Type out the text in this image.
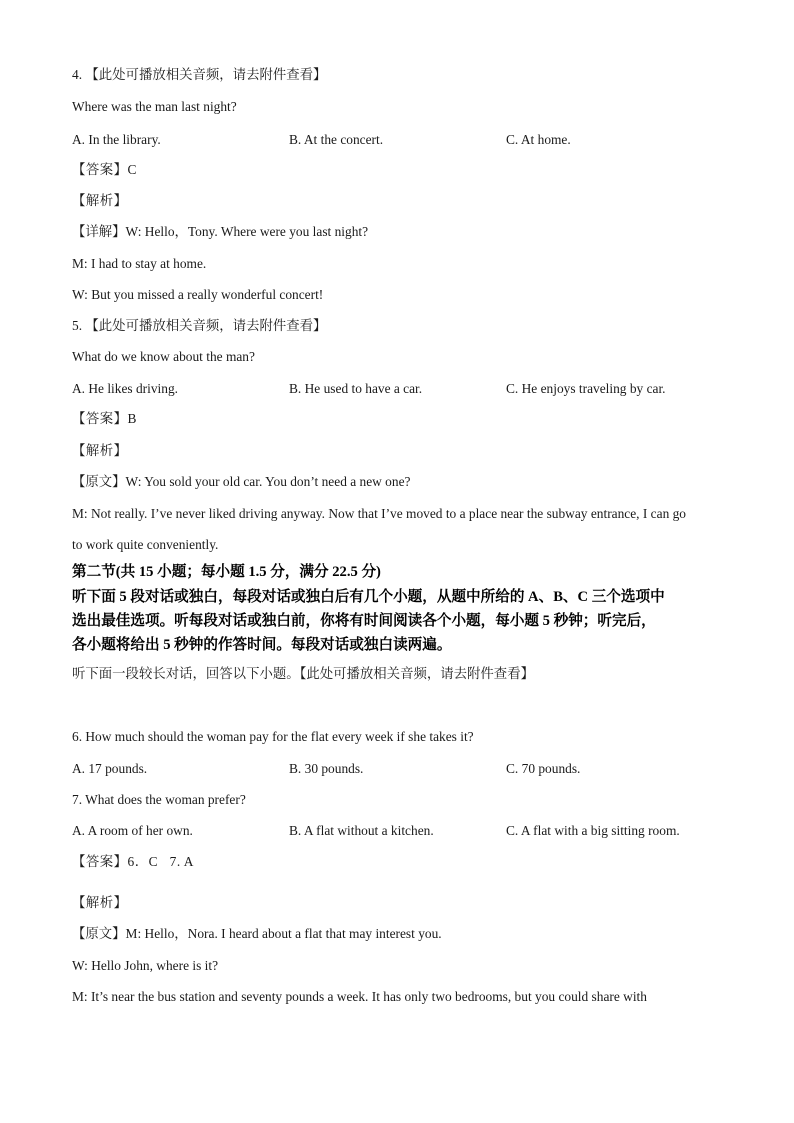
4. 【此处可播放相关音频，请去附件查看】
Where was the man last night?
A. In the library.	B. At the concert.	C. At home.
【答案】C
【解析】
【详解】W: Hello，Tony. Where were you last night?
M: I had to stay at home.
W: But you missed a really wonderful concert!
5. 【此处可播放相关音频，请去附件查看】
What do we know about the man?
A. He likes driving.	B. He used to have a car.	C. He enjoys traveling by car.
【答案】B
【解析】
【原文】W: You sold your old car. You don’t need a new one?
M: Not really. I’ve never liked driving anyway. Now that I’ve moved to a place near the subway entrance, I can go
to work quite conveniently.
第二节(共 15 小题；每小题 1.5 分，满分 22.5 分)
听下面 5 段对话或独白，每段对话或独白后有几个小题，从题中所给的 A、B、C 三个选项中
选出最佳选项。听每段对话或独白前，你将有时间阅读各个小题，每小题 5 秒钟；听完后，
各小题将给出 5 秒钟的作答时间。每段对话或独白读两遍。
听下面一段较长对话，回答以下小题。【此处可播放相关音频，请去附件查看】
6. How much should the woman pay for the flat every week if she takes it?
A. 17 pounds.	B. 30 pounds.	C. 70 pounds.
7. What does the woman prefer?
A. A room of her own.	B. A flat without a kitchen.	C. A flat with a big sitting room.
【答案】6．C   7. A
【解析】
【原文】M: Hello，Nora. I heard about a flat that may interest you.
W: Hello John, where is it?
M: It’s near the bus station and seventy pounds a week. It has only two bedrooms, but you could share with
